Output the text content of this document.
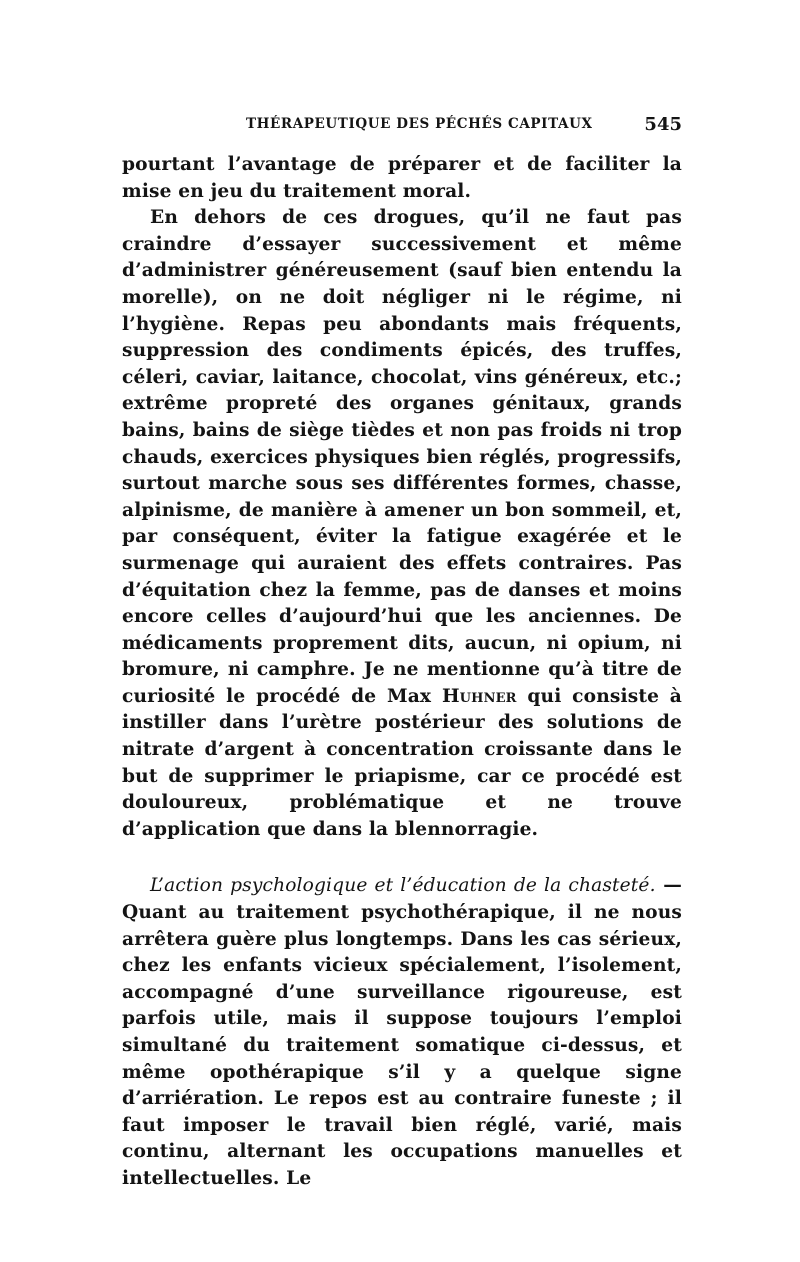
THÉRAPEUTIQUE DES PÉCHÉS CAPITAUX	545

pourtant l’avantage de préparer et de faciliter la mise en jeu du traitement moral.

En dehors de ces drogues, qu’il ne faut pas craindre d’essayer successivement et même d’administrer généreusement (sauf bien entendu la morelle), on ne doit négliger ni le régime, ni l’hygiène. Repas peu abondants mais fréquents, suppression des condiments épicés, des truffes, céleri, caviar, laitance, chocolat, vins généreux, etc.; extrême propreté des organes génitaux, grands bains, bains de siège tièdes et non pas froids ni trop chauds, exercices physiques bien réglés, progressifs, surtout marche sous ses différentes formes, chasse, alpinisme, de manière à amener un bon sommeil, et, par conséquent, éviter la fatigue exagérée et le surmenage qui auraient des effets contraires. Pas d’équitation chez la femme, pas de danses et moins encore celles d’aujourd’hui que les anciennes. De médicaments proprement dits, aucun, ni opium, ni bromure, ni camphre. Je ne mentionne qu’à titre de curiosité le procédé de Max Huhner qui consiste à instiller dans l’urètre postérieur des solutions de nitrate d’argent à concentration croissante dans le but de supprimer le priapisme, car ce procédé est douloureux, problématique et ne trouve d’application que dans la blennorragie.

L’action psychologique et l’éducation de la chasteté. — Quant au traitement psychothérapique, il ne nous arrêtera guère plus longtemps. Dans les cas sérieux, chez les enfants vicieux spécialement, l’isolement, accompagné d’une surveillance rigoureuse, est parfois utile, mais il suppose toujours l’emploi simultané du traitement somatique ci-dessus, et même opothérapique s’il y a quelque signe d’arriération. Le repos est au contraire funeste ; il faut imposer le travail bien réglé, varié, mais continu, alternant les occupations manuelles et intellectuelles. Le
